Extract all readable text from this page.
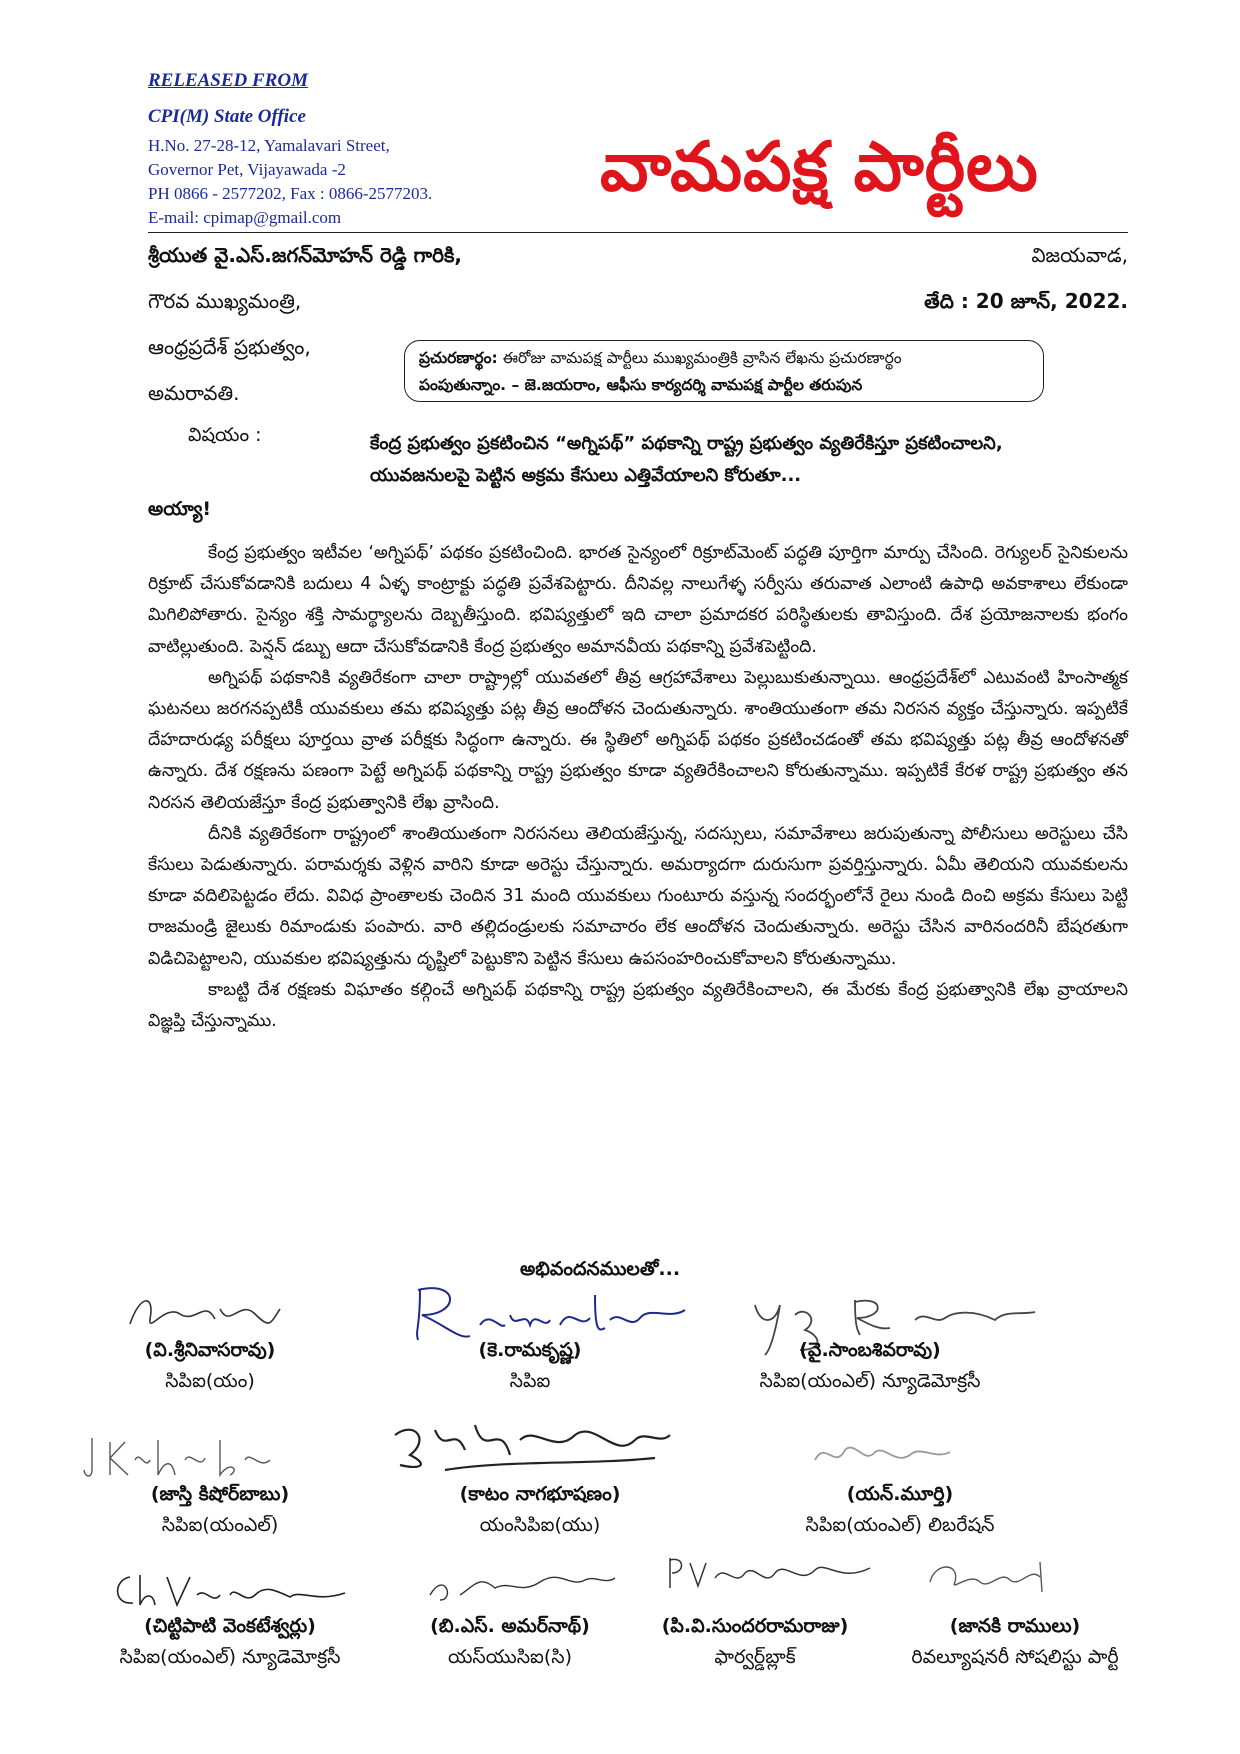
RELEASED FROM
CPI(M) State Office
H.No. 27-28-12, Yamalavari Street,
Governor Pet, Vijayawada -2
PH 0866 - 2577202, Fax : 0866-2577203.
E-mail: cpimap@gmail.com
వామపక్ష పార్టీలు
శ్రీయుత వై.ఎస్.జగన్‌మోహన్ రెడ్డి గారికి,
గౌరవ ముఖ్యమంత్రి,
ఆంధ్రప్రదేశ్ ప్రభుత్వం,
అమరావతి.
విజయవాడ,
తేది : 20 జూన్, 2022.
ప్రచురణార్థం: ఈరోజు వామపక్ష పార్టీలు ముఖ్యమంత్రికి వ్రాసిన లేఖను ప్రచురణార్థం
పంపుతున్నాం. – జె.జయరాం, ఆఫీసు కార్యదర్శి వామపక్ష పార్టీల తరుపున
విషయం :	కేంద్ర ప్రభుత్వం ప్రకటించిన “అగ్నిపథ్” పథకాన్ని రాష్ట్ర ప్రభుత్వం వ్యతిరేకిస్తూ ప్రకటించాలని,
యువజనులపై పెట్టిన అక్రమ కేసులు ఎత్తివేయాలని కోరుతూ...
అయ్యా!

కేంద్ర ప్రభుత్వం ఇటీవల ‘అగ్నిపథ్’ పథకం ప్రకటించింది. భారత సైన్యంలో రిక్రూట్‌మెంట్ పద్ధతి పూర్తిగా మార్పు చేసింది. రెగ్యులర్ సైనికులను రిక్రూట్ చేసుకోవడానికి బదులు 4 ఏళ్ళ కాంట్రాక్టు పద్ధతి ప్రవేశపెట్టారు. దీనివల్ల నాలుగేళ్ళ సర్వీసు తరువాత ఎలాంటి ఉపాధి అవకాశాలు లేకుండా మిగిలిపోతారు. సైన్యం శక్తి సామర్థ్యాలను దెబ్బతీస్తుంది. భవిష్యత్తులో ఇది చాలా ప్రమాదకర పరిస్థితులకు తావిస్తుంది. దేశ ప్రయోజనాలకు భంగం వాటిల్లుతుంది. పెన్షన్ డబ్బు ఆదా చేసుకోవడానికి కేంద్ర ప్రభుత్వం అమానవీయ పథకాన్ని ప్రవేశపెట్టింది.

అగ్నిపథ్ పథకానికి వ్యతిరేకంగా చాలా రాష్ట్రాల్లో యువతలో తీవ్ర ఆగ్రహావేశాలు పెల్లుబుకుతున్నాయి. ఆంధ్రప్రదేశ్‌లో ఎటువంటి హింసాత్మక ఘటనలు జరగనప్పటికీ యువకులు తమ భవిష్యత్తు పట్ల తీవ్ర ఆందోళన చెందుతున్నారు. శాంతియుతంగా తమ నిరసన వ్యక్తం చేస్తున్నారు. ఇప్పటికే దేహదారుఢ్య పరీక్షలు పూర్తయి వ్రాత పరీక్షకు సిద్ధంగా ఉన్నారు. ఈ స్థితిలో అగ్నిపథ్ పథకం ప్రకటించడంతో తమ భవిష్యత్తు పట్ల తీవ్ర ఆందోళనతో ఉన్నారు. దేశ రక్షణను పణంగా పెట్టే అగ్నిపథ్ పథకాన్ని రాష్ట్ర ప్రభుత్వం కూడా వ్యతిరేకించాలని కోరుతున్నాము. ఇప్పటికే కేరళ రాష్ట్ర ప్రభుత్వం తన నిరసన తెలియజేస్తూ కేంద్ర ప్రభుత్వానికి లేఖ వ్రాసింది.

దీనికి వ్యతిరేకంగా రాష్ట్రంలో శాంతియుతంగా నిరసనలు తెలియజేస్తున్న, సదస్సులు, సమావేశాలు జరుపుతున్నా పోలీసులు అరెస్టులు చేసి కేసులు పెడుతున్నారు. పరామర్శకు వెళ్లిన వారిని కూడా అరెస్టు చేస్తున్నారు. అమర్యాదగా దురుసుగా ప్రవర్తిస్తున్నారు. ఏమీ తెలియని యువకులను కూడా వదిలిపెట్టడం లేదు. వివిధ ప్రాంతాలకు చెందిన 31 మంది యువకులు గుంటూరు వస్తున్న సందర్భంలోనే రైలు నుండి దించి అక్రమ కేసులు పెట్టి రాజమండ్రి జైలుకు రిమాండుకు పంపారు. వారి తల్లిదండ్రులకు సమాచారం లేక ఆందోళన చెందుతున్నారు. అరెస్టు చేసిన వారినందరినీ బేషరతుగా విడిచిపెట్టాలని, యువకుల భవిష్యత్తును దృష్టిలో పెట్టుకొని పెట్టిన కేసులు ఉపసంహరించుకోవాలని కోరుతున్నాము.

కాబట్టి దేశ రక్షణకు విఘాతం కల్గించే అగ్నిపథ్ పథకాన్ని రాష్ట్ర ప్రభుత్వం వ్యతిరేకించాలని, ఈ మేరకు కేంద్ర ప్రభుత్వానికి లేఖ వ్రాయాలని విజ్ఞప్తి చేస్తున్నాము.

అభివందనములతో...
(వి.శ్రీనివాసరావు)
సిపిఐ(యం)
(కె.రామకృష్ణ)
సిపిఐ
(వై.సాంబశివరావు)
సిపిఐ(యంఎల్) న్యూడెమోక్రసీ
(జాస్తి కిషోర్‌బాబు)
సిపిఐ(యంఎల్)
(కాటం నాగభూషణం)
యంసిపిఐ(యు)
(యన్.మూర్తి)
సిపిఐ(యంఎల్) లిబరేషన్
(చిట్టిపాటి వెంకటేశ్వర్లు)
సిపిఐ(యంఎల్) న్యూడెమోక్రసీ
(బి.ఎస్. అమర్‌నాథ్)
యస్‌యుసిఐ(సి)
(పి.వి.సుందరరామరాజు)
ఫార్వర్డ్‌బ్లాక్
(జానకి రాములు)
రివల్యూషనరీ సోషలిస్టు పార్టీ
